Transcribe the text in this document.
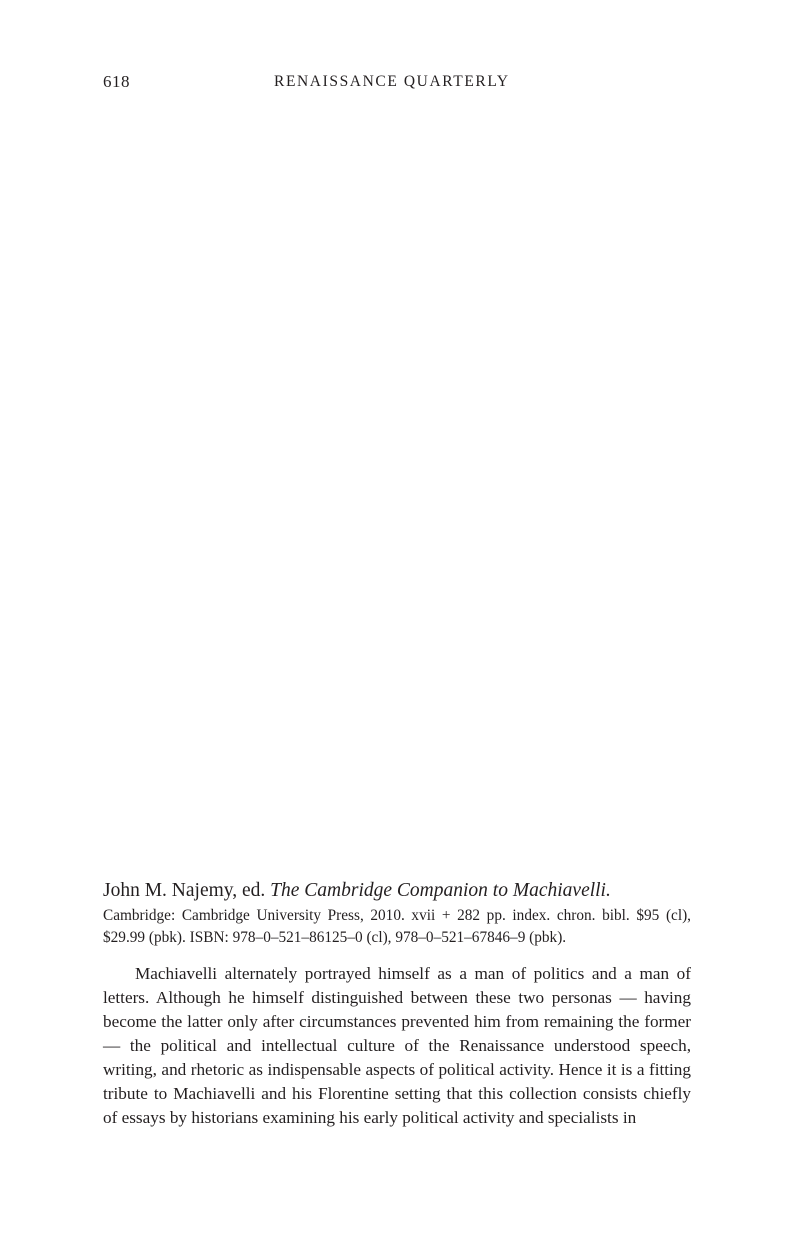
618	RENAISSANCE QUARTERLY
John M. Najemy, ed. The Cambridge Companion to Machiavelli.
Cambridge: Cambridge University Press, 2010. xvii + 282 pp. index. chron. bibl. $95 (cl), $29.99 (pbk). ISBN: 978–0–521–86125–0 (cl), 978–0–521–67846–9 (pbk).

Machiavelli alternately portrayed himself as a man of politics and a man of letters. Although he himself distinguished between these two personas — having become the latter only after circumstances prevented him from remaining the former — the political and intellectual culture of the Renaissance understood speech, writing, and rhetoric as indispensable aspects of political activity. Hence it is a fitting tribute to Machiavelli and his Florentine setting that this collection consists chiefly of essays by historians examining his early political activity and specialists in
